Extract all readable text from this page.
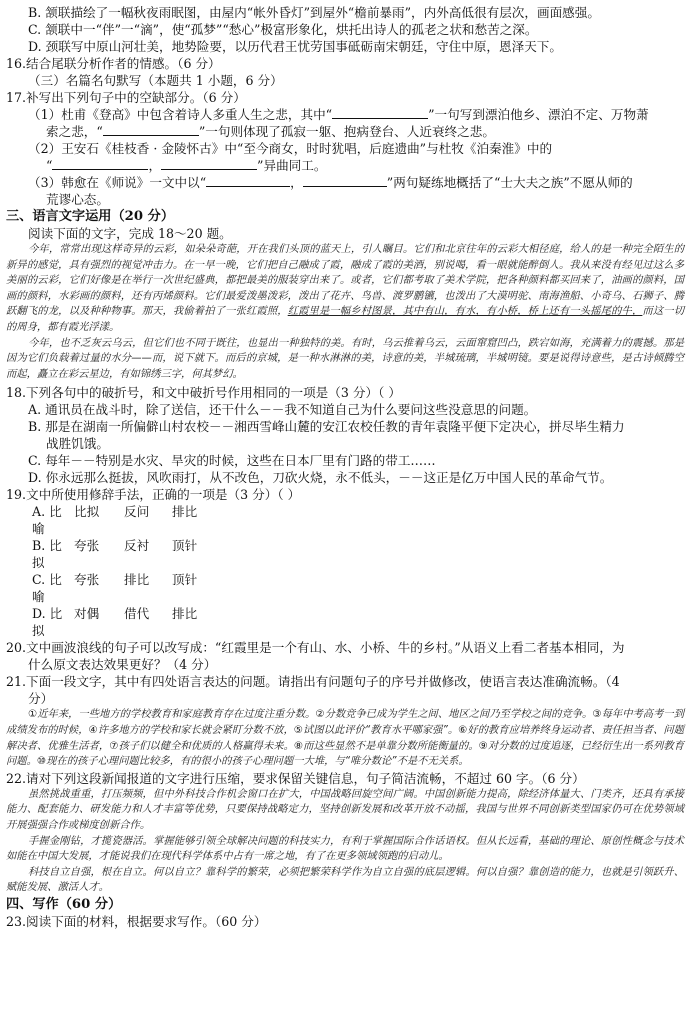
B. 颔联描绘了一幅秋夜雨眠图，由屋内“帐外昏灯”到屋外“檐前暴雨”，内外高低很有层次，画面感强。
C. 颔联中一“伴”一“滴”，使“孤梦”“愁心”极富形象化，烘托出诗人的孤老之状和愁苦之深。
D. 颈联写中原山河壮美，地势险要，以历代君王忧劳国事砥砺南宋朝廷，守住中原，恩泽天下。
16.结合尾联分析作者的情感。（6 分）
（三）名篇名句默写（本题共 1 小题，6 分）
17.补写出下列句子中的空缺部分。（6 分）
（1）杜甫《登高》中包含着诗人多重人生之悲，其中“	”一句写到漂泊他乡、漂泊不定、万物萧
索之悲，“	”一句则体现了孤寂一躯、抱病登台、人近衰终之悲。
（2）王安石《桂枝香 · 金陵怀古》中“至今商女，时时犹唱，后庭遗曲”与杜牧《泊秦淮》中的
“	，	”异曲同工。
（3）韩愈在《师说》一文中以“	，	”两句疑练地概括了“士大夫之族”不愿从师的
荒谬心态。
三、语言文字运用（20 分）
阅读下面的文字，完成 18～20 题。
今年，常常出现这样奇异的云彩，如朵朵奇葩，开在我们头顶的蓝天上，引人瞩目。它们和北京往年的云彩大相径庭，给人的是一种完全陌生的新异的感觉，具有强烈的视觉冲击力。在一早一晚，它们把自己融成了霞，融成了霞的美酒，别说喝，看一眼就能醉倒人。我从来没有经见过这么多美丽的云彩，它们好像是在举行一次世纪盛典，都把最美的服装穿出来了。或者，它们都考取了美术学院，把各种颜料都买回来了，油画的颜料，国画的颜料，水彩画的颜料，还有丙烯颜料。它们最爱泼墨泼彩，泼出了花卉、鸟兽、渡罗鹏镳，也泼出了大漠明驼、南海渔船、小奇乌、石狮子、腾跃翻飞的龙，以及种种物事。那天，我偷着拍了一张红霞照，红霞里是一幅乡村图景，其中有山，有水，有小桥，桥上还有一头摇尾的牛，而这一切的周身，都有霞光浮漾。
今年，也不乏灰云乌云，但它们也不同于既往，也显出一种独特的美。有时，乌云推着乌云，云面窜窟凹凸，跌宕如海，充满着力的震撼。那是因为它们负载着过量的水分——而，说下就下。而后的京城，是一种水淋淋的美，诗意的美，半城琉璃，半城明镜。要是说得诗意些，是古诗倾腾空而起，矗立在彩云星边，有如锦绣三字，何其梦幻。
18.下列各句中的破折号，和文中破折号作用相同的一项是（3 分）（ ）
A. 通讯员在战斗时，除了送信，还干什么－－我不知道自己为什么要问这些没意思的问题。
B. 那是在湖南一所偏僻山村农校－－湘西雪峰山麓的安江农校任教的青年袁隆平便下定决心，拼尽毕生精力
战胜饥饿。
C. 每年－－特别是水灾、旱灾的时候，这些在日本厂里有门路的带工……
D. 你永远那么挺拔，风吹雨打，从不改色，刀砍火烧，永不低头，－－这正是亿万中国人民的革命气节。
19.文中所使用修辞手法，正确的一项是（3 分）（ ）
A. 比喻
比拟	反问	排比
B. 比拟
夸张	反衬	顶针
C. 比喻
夸张	排比	顶针
D. 比拟
对偶	借代	排比
20.文中画波浪线的句子可以改写成：“红霞里是一个有山、水、小桥、牛的乡村。”从语义上看二者基本相同，为
什么原文表达效果更好？（4 分）
21.下面一段文字，其中有四处语言表达的问题。请指出有问题句子的序号并做修改，使语言表达准确流畅。（4
分）
①近年来，一些地方的学校教育和家庭教育存在过度注重分数。②分数竞争已成为学生之间、地区之间乃至学校之间的竞争。③每年中考高考一到成绩发布的时候，④许多地方的学校和家长就会紧盯分数不放，⑤试图以此评价“教育水平哪家强”。⑥好的教育应培养终身运动者、责任担当者、问题解决者、优雅生活者，⑦孩子们以健全和优质的人格赢得未来。⑧而这些显然不是单靠分数所能衡量的。⑨对分数的过度追逐，已经衍生出一系列教育问题。⑩现在的孩子心理问题比较多，有的很小的孩子心理问题一大堆，与“唯分数论”不是不无关系。
22.请对下列这段新闻报道的文字进行压缩，要求保留关键信息，句子简洁流畅，不超过 60 字。（6 分）
虽然挑战重重，打压频频，但中外科技合作机会窗口在扩大，中国战略回旋空间广阔。中国创新能力提高，除经济体量大、门类齐，还具有承接能力、配套能力、研发能力和人才丰富等优势，只要保持战略定力，坚持创新发展和改革开放不动摇，我国与世界不同创新类型国家仍可在优势领域开展强强合作或梯度创新合作。
手握金刚钻，才揽瓷器活。掌握能够引领全球解决问题的科技实力，有利于掌握国际合作话语权。但从长远看，基础的理论、原创性概念与技术如能在中国大发展，才能说我们在现代科学体系中占有一席之地，有了在更多领域领跑的启动儿。
科技自立自强，根在自立。何以自立？靠科学的繁荣，必须把繁荣科学作为自立自强的底层逻辑。何以自强？靠创造的能力，也就是引领跃升、赋能发展、激活人才。
四、写作（60 分）
23.阅读下面的材料，根据要求写作。（60 分）
